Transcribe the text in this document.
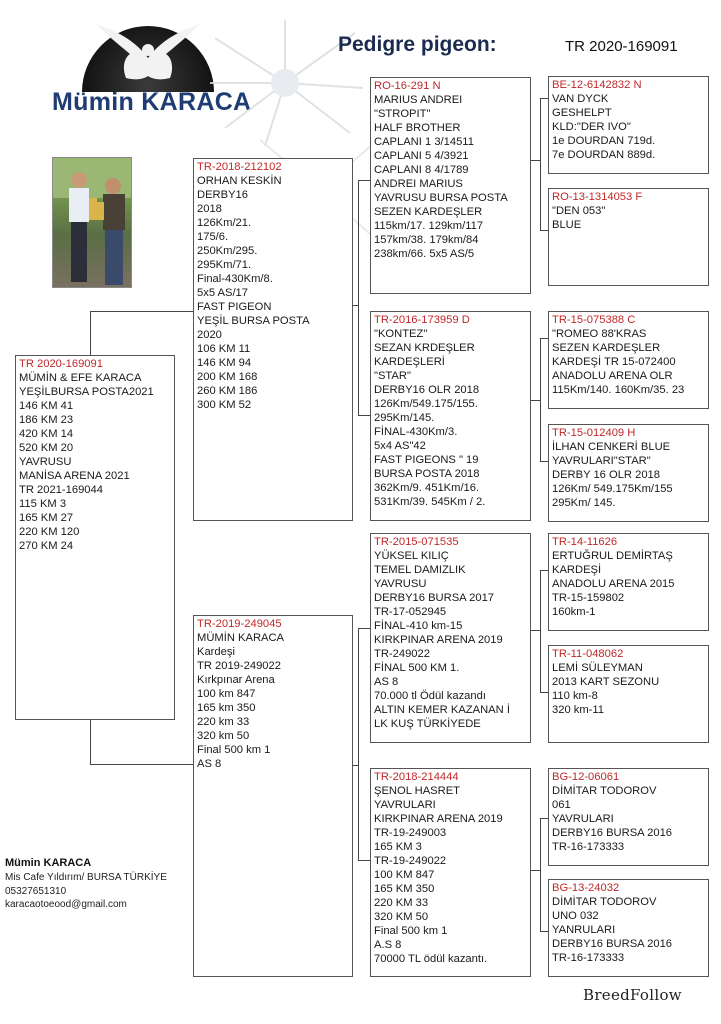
Mümin KARACA
Pedigre pigeon:	TR 2020-169091
TR 2020-169091
MÜMİN & EFE KARACA
YEŞİLBURSA POSTA2021
146 KM 41
186 KM 23
420 KM 14
520 KM 20
YAVRUSU
MANİSA ARENA 2021
TR 2021-169044
115 KM 3
165 KM 27
220 KM 120
270 KM 24
TR-2018-212102
ORHAN KESKİN
DERBY16
2018
126Km/21.
175/6.
250Km/295.
295Km/71.
Final-430Km/8.
5x5 AS/17
FAST PIGEON
YEŞİL BURSA POSTA
2020
106 KM 11
146 KM 94
200 KM 168
260 KM 186
300 KM 52
TR-2019-249045
MÜMİN KARACA
Kardeşi
TR 2019-249022
Kırkpınar Arena
100 km 847
165 km 350
220 km 33
320 km 50
Final 500 km 1
AS 8
RO-16-291 N
MARIUS ANDREI
"STROPIT"
HALF BROTHER
CAPLANI 1 3/14511
CAPLANI 5 4/3921
CAPLANI 8 4/1789
ANDREI MARIUS
YAVRUSU BURSA POSTA
SEZEN KARDEŞLER
115km/17. 129km/117
157km/38. 179km/84
238km/66. 5x5 AS/5
TR-2016-173959 D
"KONTEZ"
SEZAN KRDEŞLER
KARDEŞLERİ
"STAR"
DERBY16 OLR 2018
126Km/549.175/155.
295Km/145.
FİNAL-430Km/3.
5x4 AS"42
FAST PIGEONS " 19
BURSA POSTA 2018
362Km/9. 451Km/16.
531Km/39. 545Km / 2.
TR-2015-071535
YÜKSEL KILIÇ
TEMEL DAMIZLIK
YAVRUSU
DERBY16 BURSA 2017
TR-17-052945
FİNAL-410 km-15
KIRKPINAR ARENA 2019
TR-249022
FİNAL 500 KM 1.
AS 8
70.000 tl Ödül kazandı
ALTIN KEMER KAZANAN İ
LK KUŞ TÜRKİYEDE
TR-2018-214444
ŞENOL HASRET
YAVRULARI
KIRKPINAR ARENA 2019
TR-19-249003
165 KM 3
TR-19-249022
100 KM 847
165 KM 350
220 KM 33
320 KM 50
Final 500 km 1
A.S 8
70000 TL ödül kazantı.
BE-12-6142832 N
VAN DYCK
GESHELPT
KLD:"DER IVO"
1e DOURDAN 719d.
7e DOURDAN 889d.
RO-13-1314053 F
"DEN 053"
BLUE
TR-15-075388 C
"ROMEO 88'KRAS
SEZEN KARDEŞLER
KARDEŞİ TR 15-072400
ANADOLU ARENA OLR
115Km/140. 160Km/35. 23
TR-15-012409 H
İLHAN CENKERİ BLUE
YAVRULARI"STAR"
DERBY 16 OLR 2018
126Km/ 549.175Km/155
295Km/ 145.
TR-14-11626
ERTUĞRUL DEMİRTAŞ
KARDEŞİ
ANADOLU ARENA 2015
TR-15-159802
160km-1
TR-11-048062
LEMİ SÜLEYMAN
2013 KART SEZONU
110 km-8
320 km-11
BG-12-06061
DİMİTAR TODOROV
061
YAVRULARI
DERBY16 BURSA 2016
TR-16-173333
BG-13-24032
DİMİTAR TODOROV
UNO 032
YANRULARI
DERBY16 BURSA 2016
TR-16-173333
Mümin KARACA
Mis Cafe Yıldırım/ BURSA TÜRKİYE
05327651310
karacaotoeood@gmail.com
BreedFollow
